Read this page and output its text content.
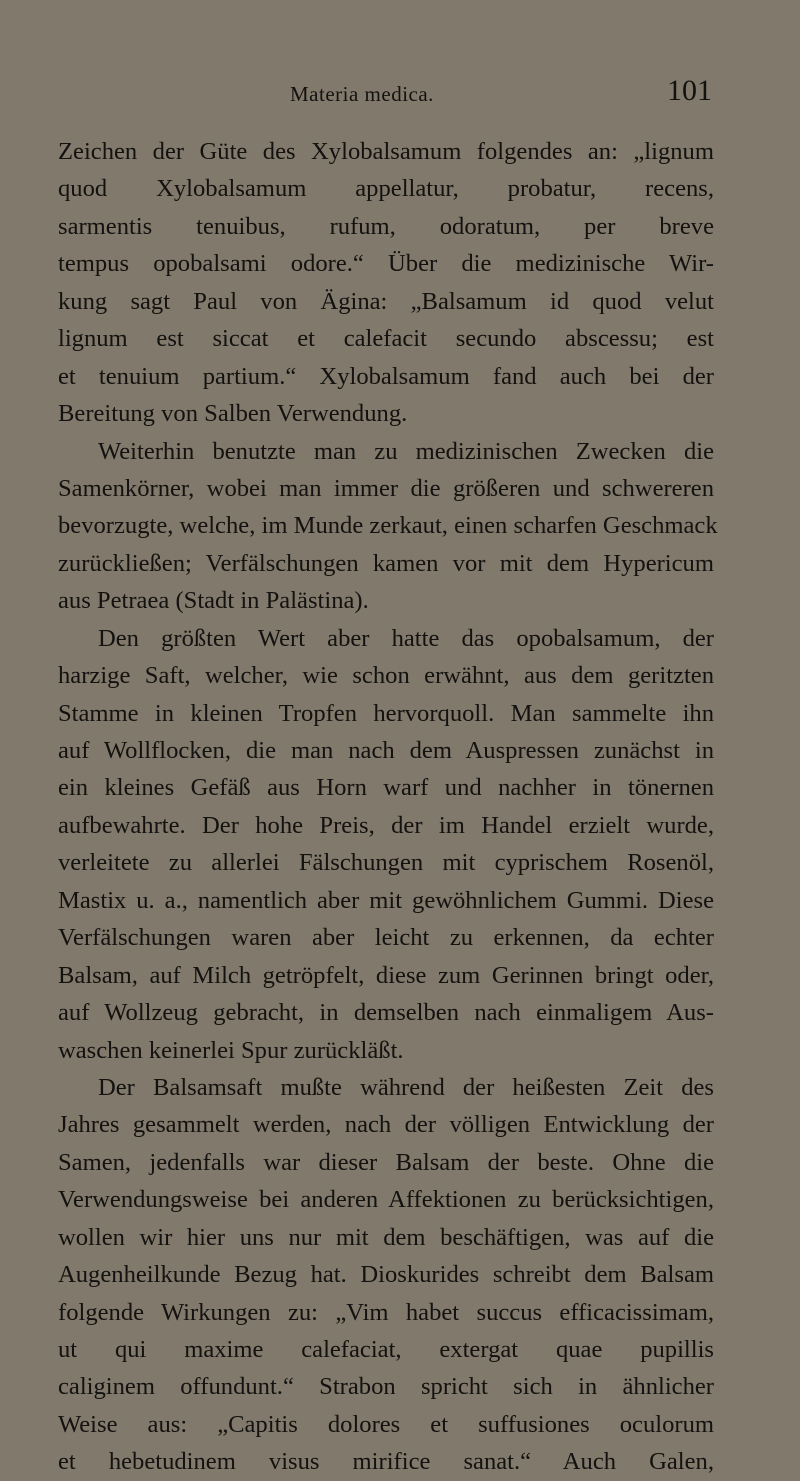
Materia medica.	101
Zeichen der Güte des Xylobalsamum folgendes an: „lignum
quod Xylobalsamum appellatur, probatur, recens,
sarmentis tenuibus, rufum, odoratum, per breve
tempus opobalsami odore.“ Über die medizinische Wir-
kung sagt Paul von Ägina: „Balsamum id quod velut
lignum est siccat et calefacit secundo abscessu; est
et tenuium partium.“ Xylobalsamum fand auch bei der
Bereitung von Salben Verwendung.
Weiterhin benutzte man zu medizinischen Zwecken die
Samenkörner, wobei man immer die größeren und schwereren
bevorzugte, welche, im Munde zerkaut, einen scharfen Geschmack
zurückließen; Verfälschungen kamen vor mit dem Hypericum
aus Petraea (Stadt in Palästina).
Den größten Wert aber hatte das opobalsamum, der
harzige Saft, welcher, wie schon erwähnt, aus dem geritzten
Stamme in kleinen Tropfen hervorquoll. Man sammelte ihn
auf Wollflocken, die man nach dem Auspressen zunächst in
ein kleines Gefäß aus Horn warf und nachher in tönernen
aufbewahrte. Der hohe Preis, der im Handel erzielt wurde,
verleitete zu allerlei Fälschungen mit cyprischem Rosenöl,
Mastix u. a., namentlich aber mit gewöhnlichem Gummi. Diese
Verfälschungen waren aber leicht zu erkennen, da echter
Balsam, auf Milch getröpfelt, diese zum Gerinnen bringt oder,
auf Wollzeug gebracht, in demselben nach einmaligem Aus-
waschen keinerlei Spur zurückläßt.
Der Balsamsaft mußte während der heißesten Zeit des
Jahres gesammelt werden, nach der völligen Entwicklung der
Samen, jedenfalls war dieser Balsam der beste. Ohne die
Verwendungsweise bei anderen Affektionen zu berücksichtigen,
wollen wir hier uns nur mit dem beschäftigen, was auf die
Augenheilkunde Bezug hat. Dioskurides schreibt dem Balsam
folgende Wirkungen zu: „Vim habet succus efficacissimam,
ut qui maxime calefaciat, extergat quae pupillis
caliginem offundunt.“ Strabon spricht sich in ähnlicher
Weise aus: „Capitis dolores et suffusiones oculorum
et hebetudinem visus mirifice sanat.“ Auch Galen,
